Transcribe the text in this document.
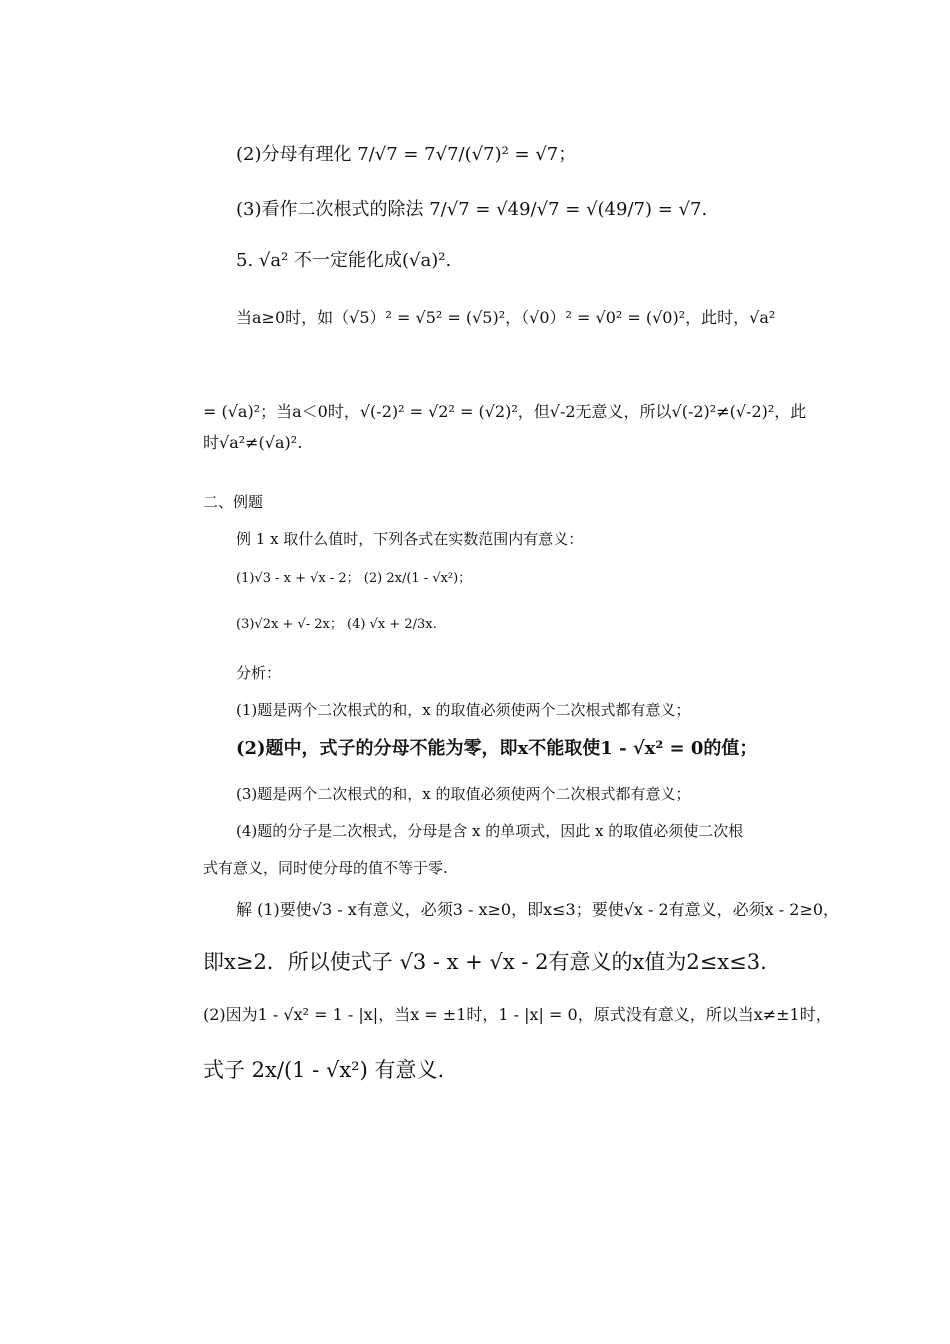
(2)分母有理化 7/√7 = 7√7/(√7)² = √7；
(3)看作二次根式的除法 7/√7 = √49/√7 = √(49/7) = √7.
5. √a² 不一定能化成(√a)².
当a≥0时，如（√5）² = √5² = (√5)²，（√0）² = √0² = (√0)²，此时，√a²
= (√a)²；当a＜0时，√(-2)² = √2² = (√2)²，但√-2无意义，所以√(-2)²≠(√-2)²，此
时√a²≠(√a)².
二、例题
例 1 x 取什么值时，下列各式在实数范围内有意义：
(1)√3 - x + √x - 2； (2) 2x/(1 - √x²)；
(3)√2x + √- 2x； (4) √x + 2/3x.
分析：
(1)题是两个二次根式的和，x 的取值必须使两个二次根式都有意义；
(2)题中，式子的分母不能为零，即x不能取使1 - √x² = 0的值；
(3)题是两个二次根式的和，x 的取值必须使两个二次根式都有意义；
(4)题的分子是二次根式，分母是含 x 的单项式，因此 x 的取值必须使二次根
式有意义，同时使分母的值不等于零.
解 (1)要使√3 - x有意义，必须3 - x≥0，即x≤3；要使√x - 2有意义，必须x - 2≥0，
即x≥2．所以使式子 √3 - x + √x - 2有意义的x值为2≤x≤3.
(2)因为1 - √x² = 1 - |x|，当x = ±1时，1 - |x| = 0，原式没有意义，所以当x≠±1时，
式子 2x/(1 - √x²) 有意义.
